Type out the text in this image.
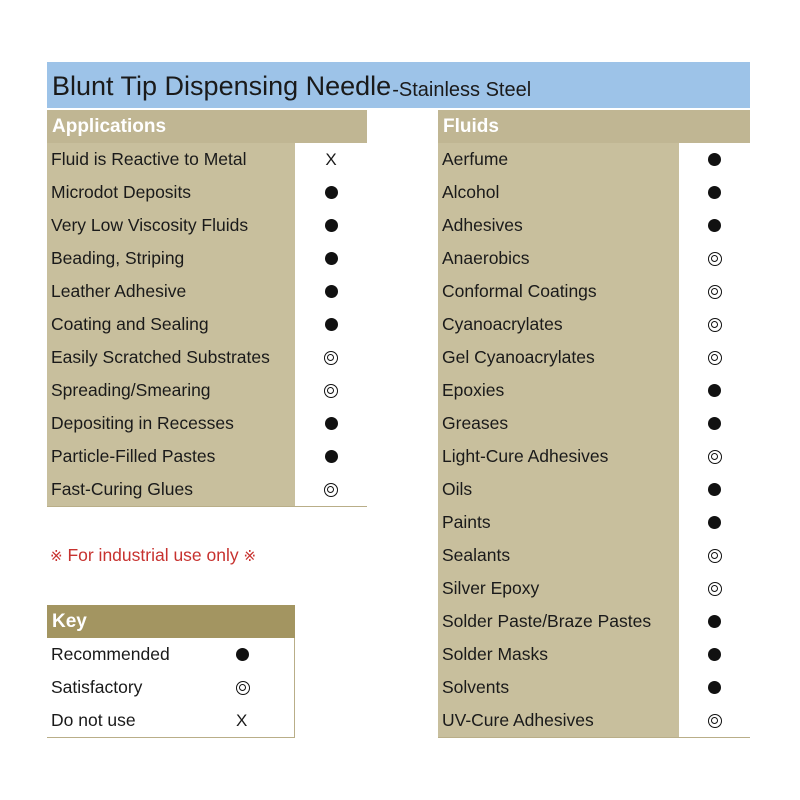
Blunt Tip Dispensing Needle -Stainless Steel
Applications
Fluid is Reactive to Metal	X
Microdot Deposits
Very Low Viscosity Fluids
Beading, Striping
Leather Adhesive
Coating and Sealing
Easily Scratched Substrates
Spreading/Smearing
Depositing in Recesses
Particle-Filled Pastes
Fast-Curing Glues
Fluids
Aerfume
Alcohol
Adhesives
Anaerobics
Conformal Coatings
Cyanoacrylates
Gel Cyanoacrylates
Epoxies
Greases
Light-Cure Adhesives
Oils
Paints
Sealants
Silver Epoxy
Solder Paste/Braze Pastes
Solder Masks
Solvents
UV-Cure Adhesives
※ For industrial use only ※
Key
Recommended
Satisfactory
Do not use	X
